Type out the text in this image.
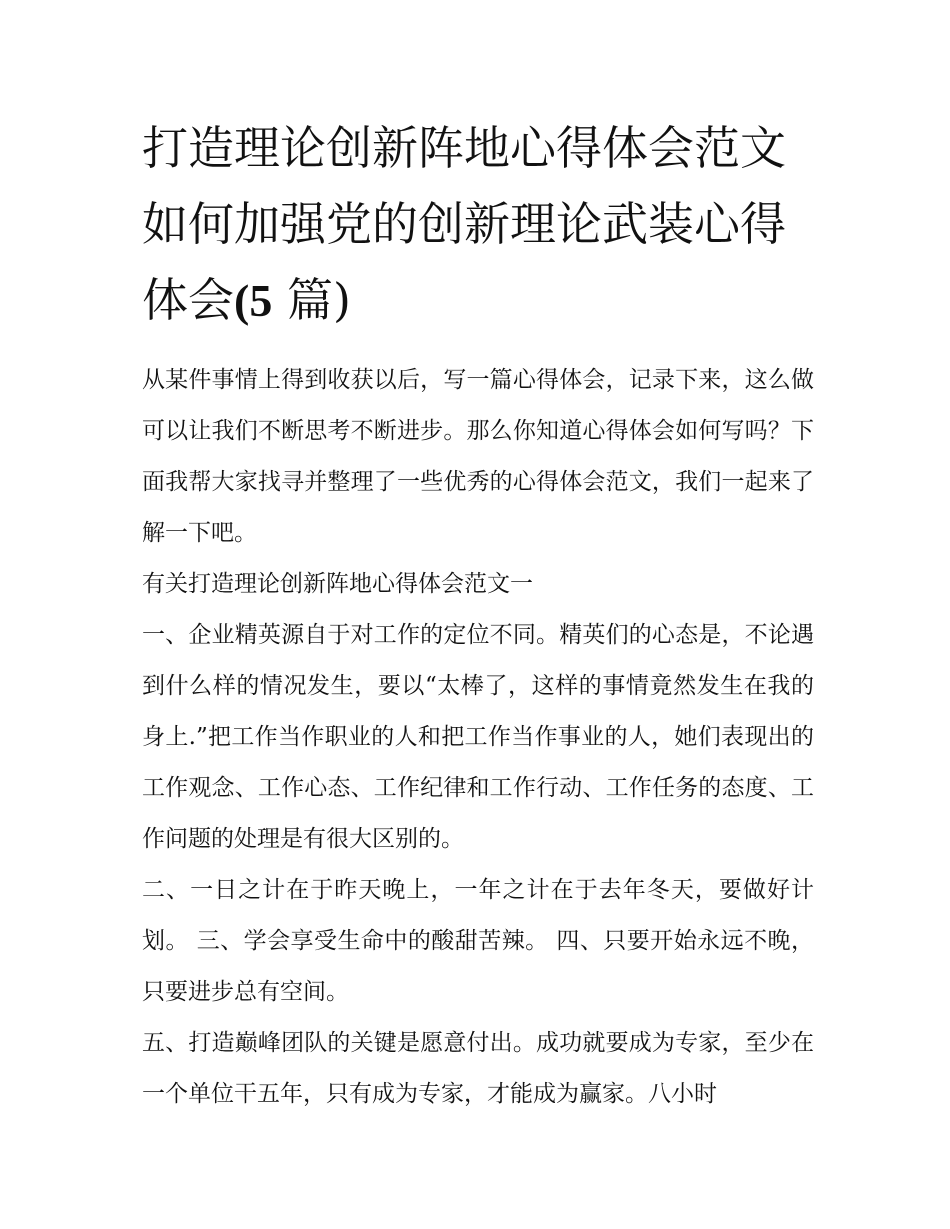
打造理论创新阵地心得体会范文 如何加强党的创新理论武装心得体会(5 篇)

从某件事情上得到收获以后，写一篇心得体会，记录下来，这么做可以让我们不断思考不断进步。那么你知道心得体会如何写吗？下面我帮大家找寻并整理了一些优秀的心得体会范文，我们一起来了解一下吧。

有关打造理论创新阵地心得体会范文一

一、企业精英源自于对工作的定位不同。精英们的心态是，不论遇到什么样的情况发生，要以“太棒了，这样的事情竟然发生在我的身上.”把工作当作职业的人和把工作当作事业的人，她们表现出的工作观念、工作心态、工作纪律和工作行动、工作任务的态度、工作问题的处理是有很大区别的。

二、一日之计在于昨天晚上，一年之计在于去年冬天，要做好计划。 三、学会享受生命中的酸甜苦辣。 四、只要开始永远不晚，只要进步总有空间。

五、打造巅峰团队的关键是愿意付出。成功就要成为专家，至少在一个单位干五年，只有成为专家，才能成为赢家。八小时
